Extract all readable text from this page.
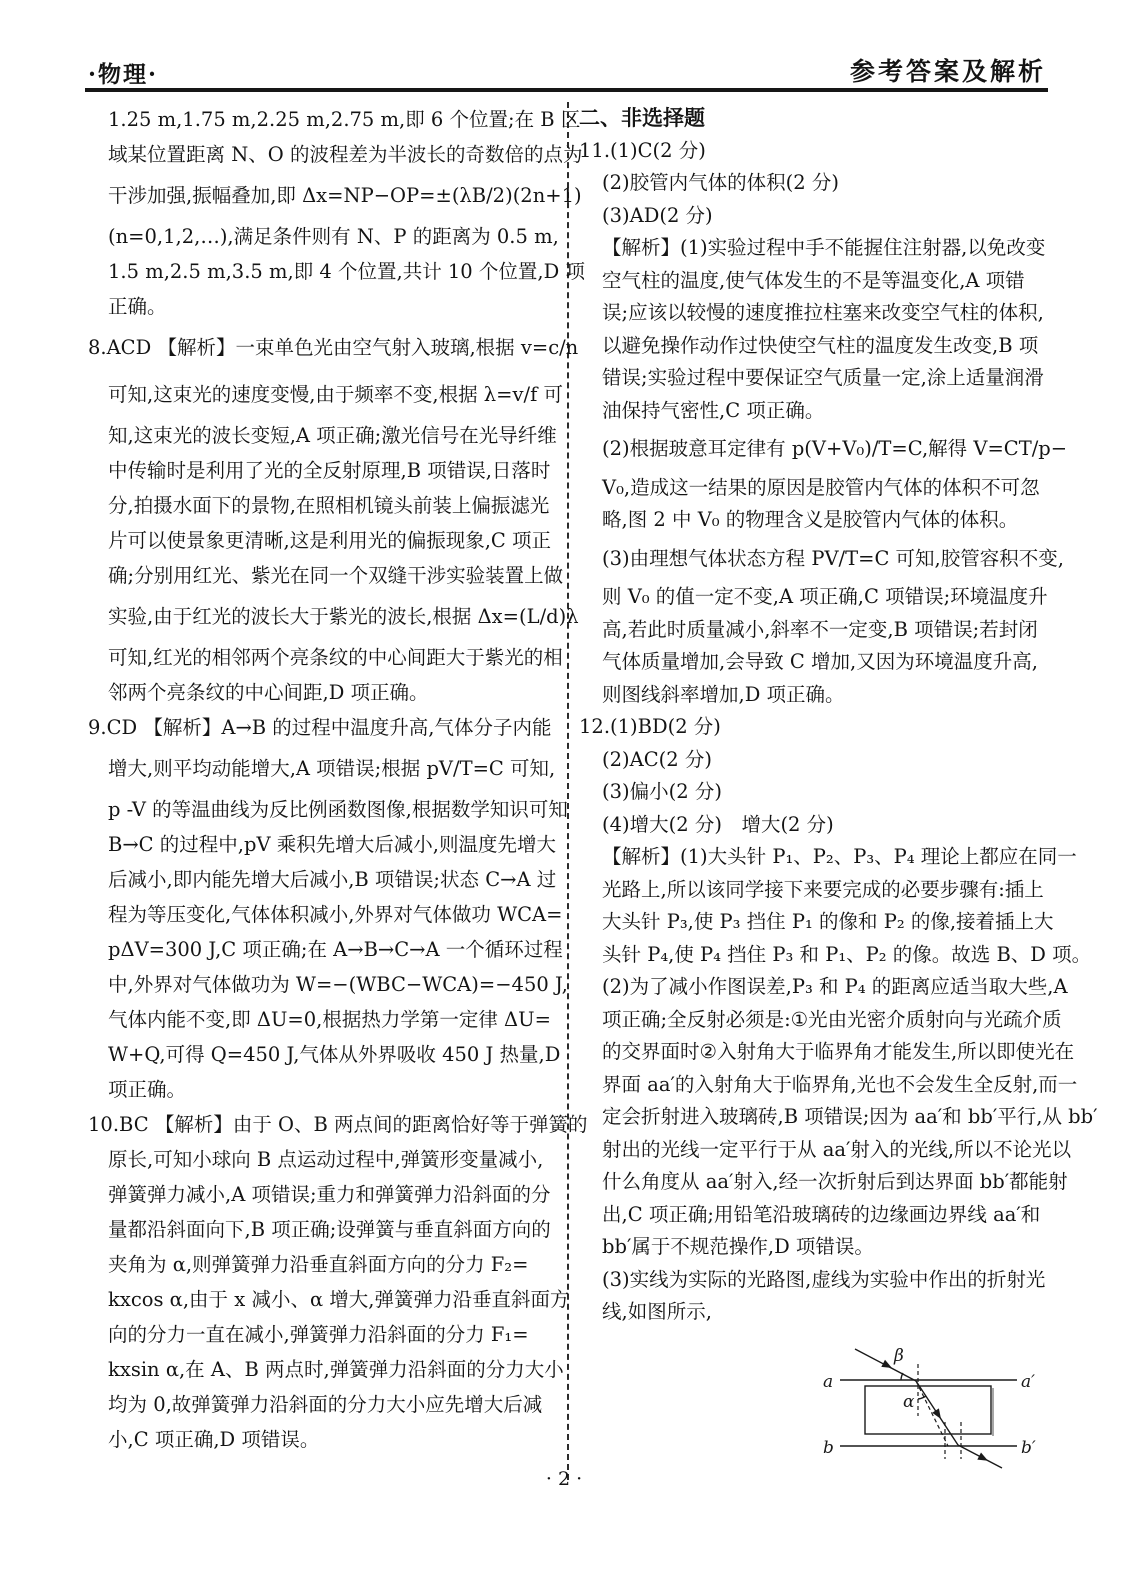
·物理·	参考答案及解析
1.25 m,1.75 m,2.25 m,2.75 m,即 6 个位置;在 B 区
域某位置距离 N、O 的波程差为半波长的奇数倍的点为
干涉加强,振幅叠加,即 Δx=NP−OP=±(λB/2)(2n+1)
(n=0,1,2,…),满足条件则有 N、P 的距离为 0.5 m,
1.5 m,2.5 m,3.5 m,即 4 个位置,共计 10 个位置,D 项
正确。
8.ACD 【解析】一束单色光由空气射入玻璃,根据 v=c/n
可知,这束光的速度变慢,由于频率不变,根据 λ=v/f 可
知,这束光的波长变短,A 项正确;激光信号在光导纤维
中传输时是利用了光的全反射原理,B 项错误,日落时
分,拍摄水面下的景物,在照相机镜头前装上偏振滤光
片可以使景象更清晰,这是利用光的偏振现象,C 项正
确;分别用红光、紫光在同一个双缝干涉实验装置上做
实验,由于红光的波长大于紫光的波长,根据 Δx=(L/d)λ
可知,红光的相邻两个亮条纹的中心间距大于紫光的相
邻两个亮条纹的中心间距,D 项正确。
9.CD 【解析】A→B 的过程中温度升高,气体分子内能
增大,则平均动能增大,A 项错误;根据 pV/T=C 可知,
p -V 的等温曲线为反比例函数图像,根据数学知识可知
B→C 的过程中,pV 乘积先增大后减小,则温度先增大
后减小,即内能先增大后减小,B 项错误;状态 C→A 过
程为等压变化,气体体积减小,外界对气体做功 WCA=
pΔV=300 J,C 项正确;在 A→B→C→A 一个循环过程
中,外界对气体做功为 W=−(WBC−WCA)=−450 J,
气体内能不变,即 ΔU=0,根据热力学第一定律 ΔU=
W+Q,可得 Q=450 J,气体从外界吸收 450 J 热量,D
项正确。
10.BC 【解析】由于 O、B 两点间的距离恰好等于弹簧的
原长,可知小球向 B 点运动过程中,弹簧形变量减小,
弹簧弹力减小,A 项错误;重力和弹簧弹力沿斜面的分
量都沿斜面向下,B 项正确;设弹簧与垂直斜面方向的
夹角为 α,则弹簧弹力沿垂直斜面方向的分力 F₂=
kxcos α,由于 x 减小、α 增大,弹簧弹力沿垂直斜面方
向的分力一直在减小,弹簧弹力沿斜面的分力 F₁=
kxsin α,在 A、B 两点时,弹簧弹力沿斜面的分力大小
均为 0,故弹簧弹力沿斜面的分力大小应先增大后减
小,C 项正确,D 项错误。
二、非选择题
11.(1)C(2 分)
(2)胶管内气体的体积(2 分)
(3)AD(2 分)
【解析】(1)实验过程中手不能握住注射器,以免改变
空气柱的温度,使气体发生的不是等温变化,A 项错
误;应该以较慢的速度推拉柱塞来改变空气柱的体积,
以避免操作动作过快使空气柱的温度发生改变,B 项
错误;实验过程中要保证空气质量一定,涂上适量润滑
油保持气密性,C 项正确。
(2)根据玻意耳定律有 p(V+V₀)/T=C,解得 V=CT/p−
V₀,造成这一结果的原因是胶管内气体的体积不可忽
略,图 2 中 V₀ 的物理含义是胶管内气体的体积。
(3)由理想气体状态方程 PV/T=C 可知,胶管容积不变,
则 V₀ 的值一定不变,A 项正确,C 项错误;环境温度升
高,若此时质量减小,斜率不一定变,B 项错误;若封闭
气体质量增加,会导致 C 增加,又因为环境温度升高,
则图线斜率增加,D 项正确。
12.(1)BD(2 分)
(2)AC(2 分)
(3)偏小(2 分)
(4)增大(2 分)　增大(2 分)
【解析】(1)大头针 P₁、P₂、P₃、P₄ 理论上都应在同一
光路上,所以该同学接下来要完成的必要步骤有:插上
大头针 P₃,使 P₃ 挡住 P₁ 的像和 P₂ 的像,接着插上大
头针 P₄,使 P₄ 挡住 P₃ 和 P₁、P₂ 的像。故选 B、D 项。
(2)为了减小作图误差,P₃ 和 P₄ 的距离应适当取大些,A
项正确;全反射必须是:①光由光密介质射向与光疏介质
的交界面时②入射角大于临界角才能发生,所以即使光在
界面 aa′的入射角大于临界角,光也不会发生全反射,而一
定会折射进入玻璃砖,B 项错误;因为 aa′和 bb′平行,从 bb′
射出的光线一定平行于从 aa′射入的光线,所以不论光以
什么角度从 aa′射入,经一次折射后到达界面 bb′都能射
出,C 项正确;用铅笔沿玻璃砖的边缘画边界线 aa′和
bb′属于不规范操作,D 项错误。
(3)实线为实际的光路图,虚线为实验中作出的折射光
线,如图所示,
a	a′
b	b′
β
α
· 2 ·
